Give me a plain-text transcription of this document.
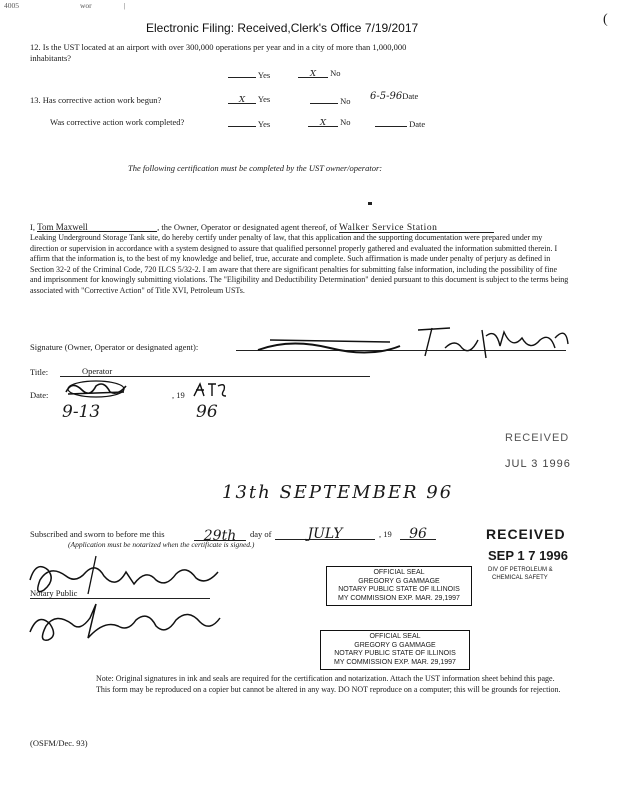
4005	wor	|
Electronic Filing: Received,Clerk's Office 7/19/2017
(
12. Is the UST located at an airport with over 300,000 operations per year and in a city of more than 1,000,000
inhabitants?
Yes	X No
13. Has corrective action work begun?	X Yes	No 6-5-96Date
Was corrective action work completed?	Yes	X No	Date
The following certification must be completed by the UST owner/operator:
I, Tom Maxwell	, the Owner, Operator or designated agent thereof, of Walker Service Station
Leaking Underground Storage Tank site, do hereby certify under penalty of law, that this application and the supporting documentation were prepared under my direction or supervision in accordance with a system designed to assure that qualified personnel properly gathered and evaluated the information submitted therein. I affirm that the information is, to the best of my knowledge and belief, true, accurate and complete. Such affirmation is made under penalty of perjury as defined in Section 32-2 of the Criminal Code, 720 ILCS 5/32-2. I am aware that there are significant penalties for submitting false information, including the possibility of fine and imprisonment for knowingly submitting violations. The "Eligibility and Deductibility Determination" denied pursuant to this document is subject to the terms being associated with "Corrective Action" of Title XVI, Petroleum USTs.
Signature (Owner, Operator or designated agent):
Title:	Operator
Date:	, 19
9-13	96
RECEIVED
JUL 3 1996
13th SEPTEMBER 96
Subscribed and sworn to before me this	29th	day of	JULY	, 19	96
(Application must be notarized when the certificate is signed.)
RECEIVED
SEP 1 7 1996
DIV OF PETROLEUM &
CHEMICAL SAFETY
Notary Public
OFFICIAL SEAL
GREGORY G GAMMAGE
NOTARY PUBLIC STATE OF ILLINOIS
MY COMMISSION EXP. MAR. 29,1997
OFFICIAL SEAL
GREGORY G GAMMAGE
NOTARY PUBLIC STATE OF ILLINOIS
MY COMMISSION EXP. MAR. 29,1997
Note: Original signatures in ink and seals are required for the certification and notarization. Attach the UST information sheet behind this page. This form may be reproduced on a copier but cannot be altered in any way. DO NOT reproduce on a computer; this will be grounds for rejection.
(OSFM/Dec. 93)
